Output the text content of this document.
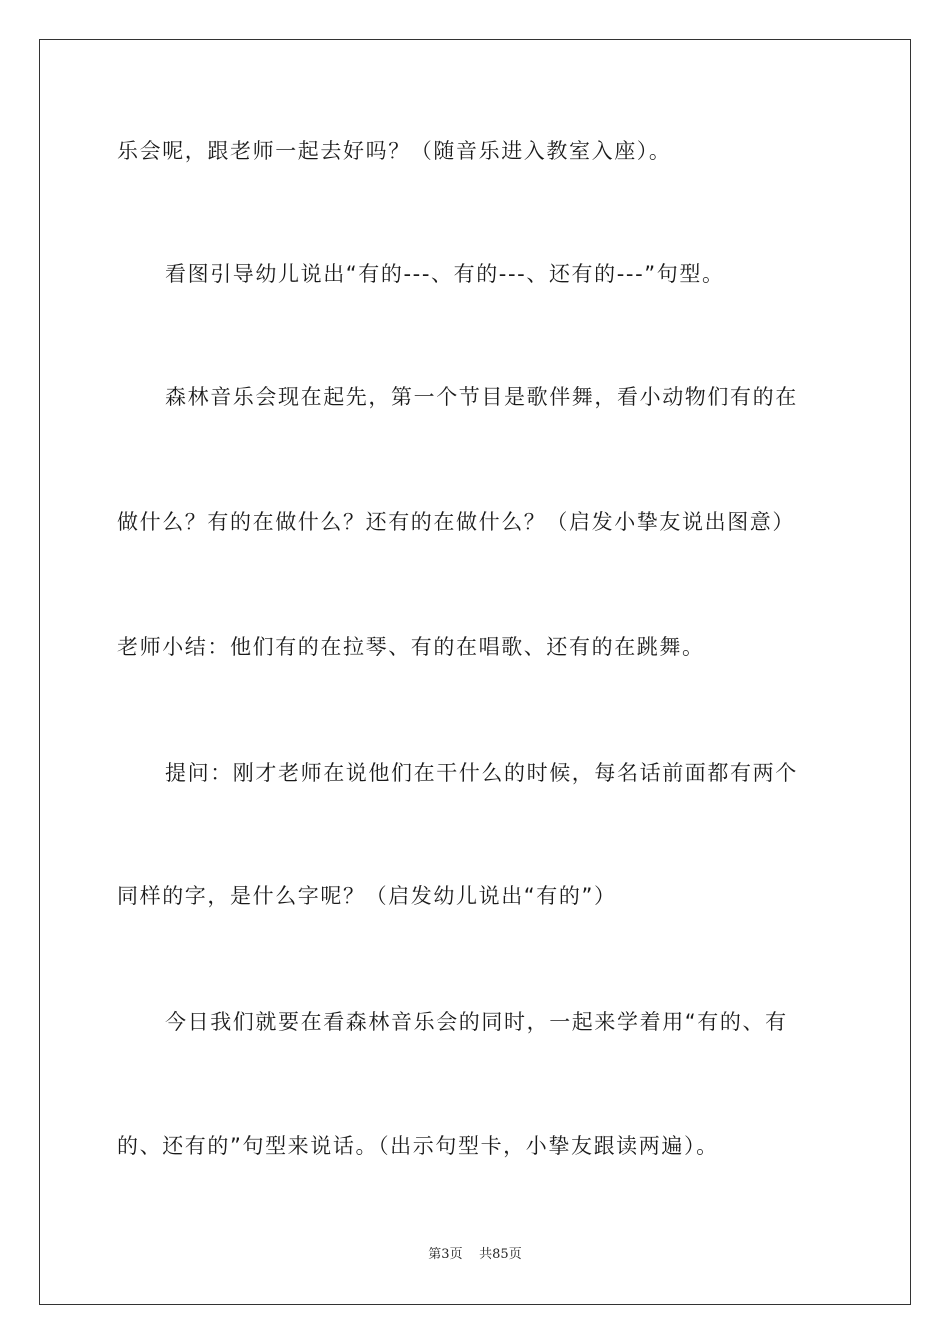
乐会呢，跟老师一起去好吗？（随音乐进入教室入座）。
看图引导幼儿说出“有的---、有的---、还有的---”句型。
森林音乐会现在起先，第一个节目是歌伴舞，看小动物们有的在
做什么？有的在做什么？还有的在做什么？（启发小挚友说出图意）
老师小结：他们有的在拉琴、有的在唱歌、还有的在跳舞。
提问：刚才老师在说他们在干什么的时候，每名话前面都有两个
同样的字，是什么字呢？（启发幼儿说出“有的”）
今日我们就要在看森林音乐会的同时，一起来学着用“有的、有
的、还有的”句型来说话。（出示句型卡，小挚友跟读两遍）。
第3页 共85页
